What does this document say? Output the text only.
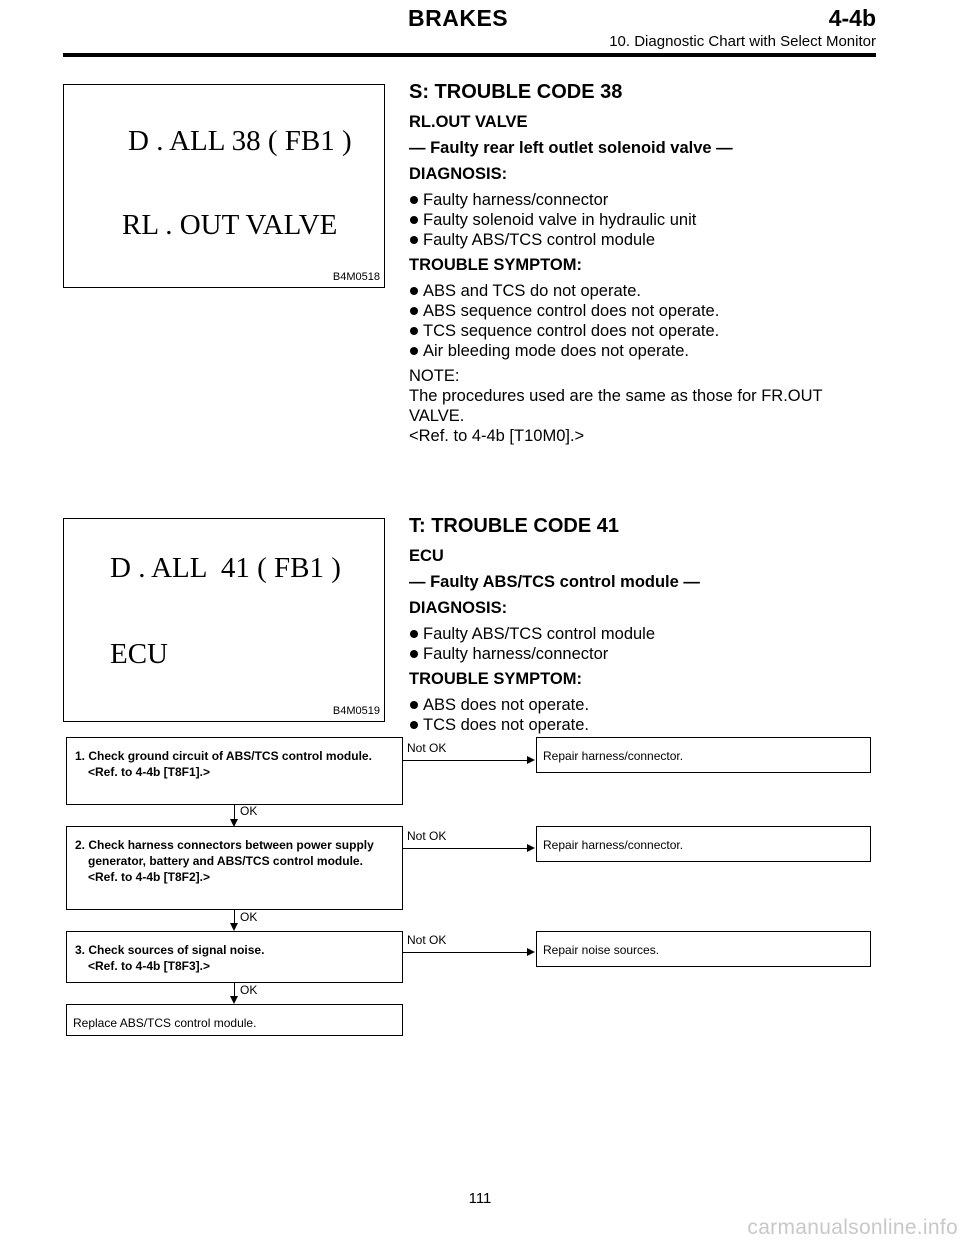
BRAKES	4-4b
10. Diagnostic Chart with Select Monitor
D . ALL 38 ( FB1 )
RL . OUT VALVE
B4M0518
S: TROUBLE CODE 38

RL.OUT VALVE

— Faulty rear left outlet solenoid valve —

DIAGNOSIS:

Faulty harness/connector
Faulty solenoid valve in hydraulic unit
Faulty ABS/TCS control module

TROUBLE SYMPTOM:

ABS and TCS do not operate.
ABS sequence control does not operate.
TCS sequence control does not operate.
Air bleeding mode does not operate.

NOTE:

The procedures used are the same as those for FR.OUT VALVE.

<Ref. to 4-4b [T10M0].>

D . ALL  41 ( FB1 )
ECU
B4M0519
T: TROUBLE CODE 41

ECU

— Faulty ABS/TCS control module —

DIAGNOSIS:

Faulty ABS/TCS control module
Faulty harness/connector

TROUBLE SYMPTOM:

ABS does not operate.
TCS does not operate.
1. Check ground circuit of ABS/TCS control module.
<Ref. to 4-4b [T8F1].>
Not OK
Repair harness/connector.
OK
2. Check harness connectors between power supply generator, battery and ABS/TCS control module.
<Ref. to 4-4b [T8F2].>
Not OK
Repair harness/connector.
OK
3. Check sources of signal noise.
<Ref. to 4-4b [T8F3].>
Not OK
Repair noise sources.
OK
Replace ABS/TCS control module.
111
carmanualsonline.info
